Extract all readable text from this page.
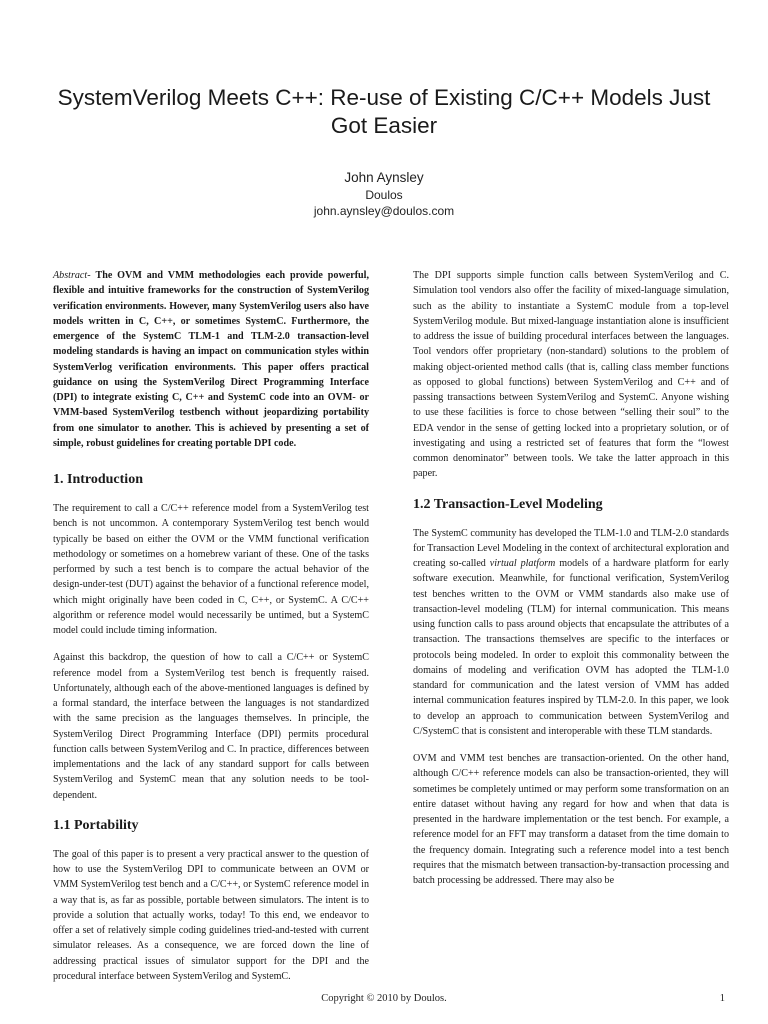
SystemVerilog Meets C++: Re-use of Existing C/C++ Models Just Got Easier
John Aynsley
Doulos
john.aynsley@doulos.com

Abstract- The OVM and VMM methodologies each provide powerful, flexible and intuitive frameworks for the construction of SystemVerilog verification environments. However, many SystemVerilog users also have models written in C, C++, or sometimes SystemC. Furthermore, the emergence of the SystemC TLM-1 and TLM-2.0 transaction-level modeling standards is having an impact on communication styles within SystemVerlog verification environments. This paper offers practical guidance on using the SystemVerilog Direct Programming Interface (DPI) to integrate existing C, C++ and SystemC code into an OVM- or VMM-based SystemVerilog testbench without jeopardizing portability from one simulator to another. This is achieved by presenting a set of simple, robust guidelines for creating portable DPI code.

1. Introduction

The requirement to call a C/C++ reference model from a SystemVerilog test bench is not uncommon. A contemporary SystemVerilog test bench would typically be based on either the OVM or the VMM functional verification methodology or sometimes on a homebrew variant of these. One of the tasks performed by such a test bench is to compare the actual behavior of the design-under-test (DUT) against the behavior of a functional reference model, which might originally have been coded in C, C++, or SystemC. A C/C++ algorithm or reference model would necessarily be untimed, but a SystemC model could include timing information.

Against this backdrop, the question of how to call a C/C++ or SystemC reference model from a SystemVerilog test bench is frequently raised. Unfortunately, although each of the above-mentioned languages is defined by a formal standard, the interface between the languages is not standardized with the same precision as the languages themselves. In principle, the SystemVerilog Direct Programming Interface (DPI) permits procedural function calls between SystemVerilog and C. In practice, differences between implementations and the lack of any standard support for calls between SystemVerilog and SystemC mean that any solution needs to be tool-dependent.

1.1 Portability

The goal of this paper is to present a very practical answer to the question of how to use the SystemVerilog DPI to communicate between an OVM or VMM SystemVerilog test bench and a C/C++, or SystemC reference model in a way that is, as far as possible, portable between simulators. The intent is to provide a solution that actually works, today! To this end, we endeavor to offer a set of relatively simple coding guidelines tried-and-tested with current simulator releases. As a consequence, we are forced down the line of addressing practical issues of simulator support for the DPI and the procedural interface between SystemVerilog and SystemC.

The DPI supports simple function calls between SystemVerilog and C. Simulation tool vendors also offer the facility of mixed-language simulation, such as the ability to instantiate a SystemC module from a top-level SystemVerilog module. But mixed-language instantiation alone is insufficient to address the issue of building procedural interfaces between the languages. Tool vendors offer proprietary (non-standard) solutions to the problem of making object-oriented method calls (that is, calling class member functions as opposed to global functions) between SystemVerilog and C++ and of passing transactions between SystemVerilog and SystemC. Anyone wishing to use these facilities is force to chose between “selling their soul” to the EDA vendor in the sense of getting locked into a proprietary solution, or of investigating and using a restricted set of features that form the “lowest common denominator” between tools. We take the latter approach in this paper.

1.2 Transaction-Level Modeling

The SystemC community has developed the TLM-1.0 and TLM-2.0 standards for Transaction Level Modeling in the context of architectural exploration and creating so-called virtual platform models of a hardware platform for early software execution. Meanwhile, for functional verification, SystemVerilog test benches written to the OVM or VMM standards also make use of transaction-level modeling (TLM) for internal communication. This means using function calls to pass around objects that encapsulate the attributes of a transaction. The transactions themselves are specific to the interfaces or protocols being modeled. In order to exploit this commonality between the domains of modeling and verification OVM has adopted the TLM-1.0 standard for communication and the latest version of VMM has added internal communication features inspired by TLM-2.0. In this paper, we look to develop an approach to communication between SystemVerilog and C/SystemC that is consistent and interoperable with these TLM standards.

OVM and VMM test benches are transaction-oriented. On the other hand, although C/C++ reference models can also be transaction-oriented, they will sometimes be completely untimed or may perform some transformation on an entire dataset without having any regard for how and when that data is presented in the hardware implementation or the test bench. For example, a reference model for an FFT may transform a dataset from the time domain to the frequency domain. Integrating such a reference model into a test bench requires that the mismatch between transaction-by-transaction processing and batch processing be addressed. There may also be

Copyright © 2010 by Doulos.	1
